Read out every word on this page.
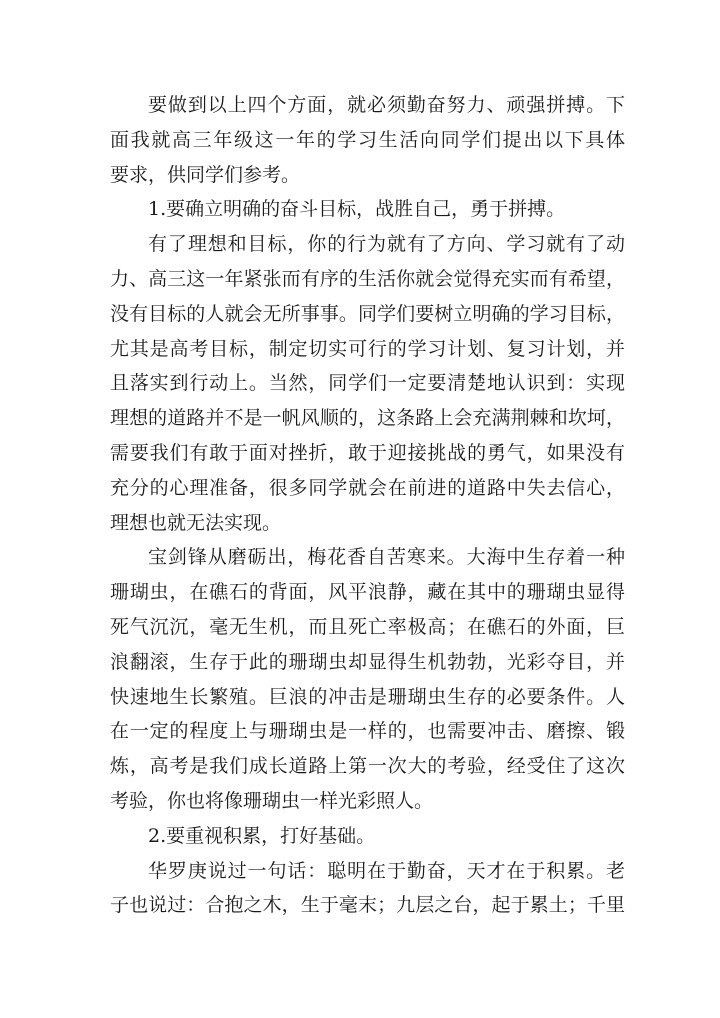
要做到以上四个方面，就必须勤奋努力、顽强拼搏。下
面我就高三年级这一年的学习生活向同学们提出以下具体
要求，供同学们参考。
1.要确立明确的奋斗目标，战胜自己，勇于拼搏。
有了理想和目标，你的行为就有了方向、学习就有了动
力、高三这一年紧张而有序的生活你就会觉得充实而有希望，
没有目标的人就会无所事事。同学们要树立明确的学习目标，
尤其是高考目标，制定切实可行的学习计划、复习计划，并
且落实到行动上。当然，同学们一定要清楚地认识到：实现
理想的道路并不是一帆风顺的，这条路上会充满荆棘和坎坷，
需要我们有敢于面对挫折，敢于迎接挑战的勇气，如果没有
充分的心理准备，很多同学就会在前进的道路中失去信心，
理想也就无法实现。
宝剑锋从磨砺出，梅花香自苦寒来。大海中生存着一种
珊瑚虫，在礁石的背面，风平浪静，藏在其中的珊瑚虫显得
死气沉沉，毫无生机，而且死亡率极高；在礁石的外面，巨
浪翻滚，生存于此的珊瑚虫却显得生机勃勃，光彩夺目，并
快速地生长繁殖。巨浪的冲击是珊瑚虫生存的必要条件。人
在一定的程度上与珊瑚虫是一样的，也需要冲击、磨擦、锻
炼，高考是我们成长道路上第一次大的考验，经受住了这次
考验，你也将像珊瑚虫一样光彩照人。
2.要重视积累，打好基础。
华罗庚说过一句话：聪明在于勤奋，天才在于积累。老
子也说过：合抱之木，生于毫末；九层之台，起于累土；千里
